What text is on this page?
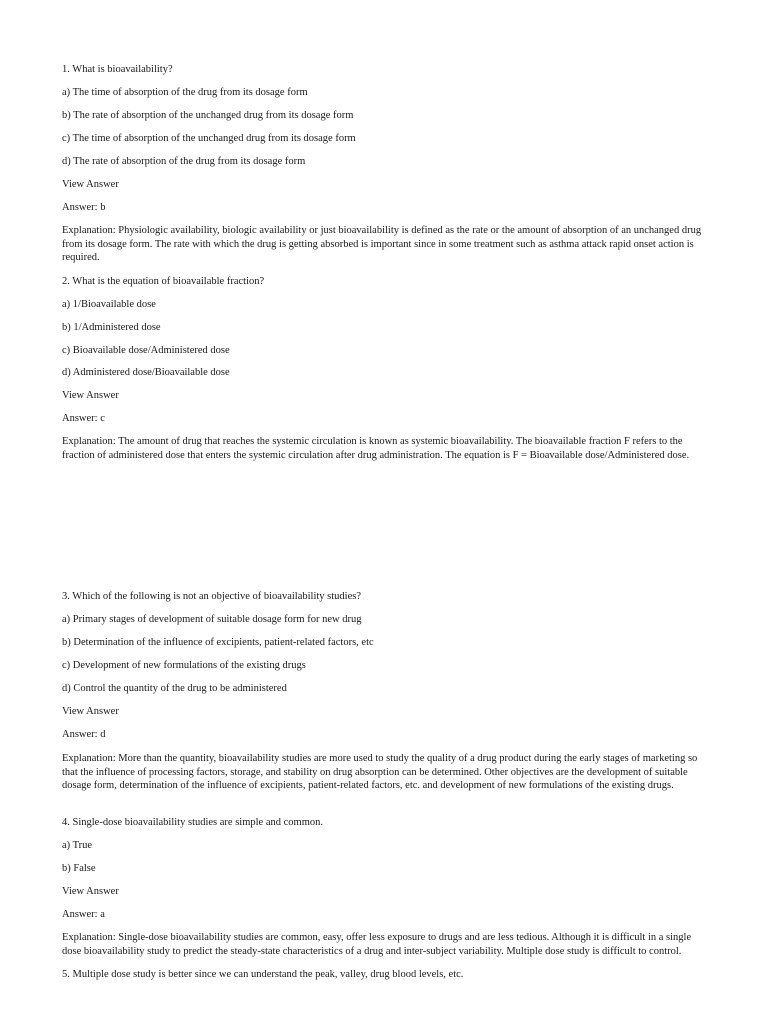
1. What is bioavailability?
a) The time of absorption of the drug from its dosage form
b) The rate of absorption of the unchanged drug from its dosage form
c) The time of absorption of the unchanged drug from its dosage form
d) The rate of absorption of the drug from its dosage form
View Answer
Answer: b
Explanation: Physiologic availability, biologic availability or just bioavailability is defined as the rate or the amount of absorption of an unchanged drug from its dosage form. The rate with which the drug is getting absorbed is important since in some treatment such as asthma attack rapid onset action is required.
2. What is the equation of bioavailable fraction?
a) 1/Bioavailable dose
b) 1/Administered dose
c) Bioavailable dose/Administered dose
d) Administered dose/Bioavailable dose
View Answer
Answer: c
Explanation: The amount of drug that reaches the systemic circulation is known as systemic bioavailability. The bioavailable fraction F refers to the fraction of administered dose that enters the systemic circulation after drug administration. The equation is F = Bioavailable dose/Administered dose.
3. Which of the following is not an objective of bioavailability studies?
a) Primary stages of development of suitable dosage form for new drug
b) Determination of the influence of excipients, patient-related factors, etc
c) Development of new formulations of the existing drugs
d) Control the quantity of the drug to be administered
View Answer
Answer: d
Explanation: More than the quantity, bioavailability studies are more used to study the quality of a drug product during the early stages of marketing so that the influence of processing factors, storage, and stability on drug absorption can be determined. Other objectives are the development of suitable dosage form, determination of the influence of excipients, patient-related factors, etc. and development of new formulations of the existing drugs.
4. Single-dose bioavailability studies are simple and common.
a) True
b) False
View Answer
Answer: a
Explanation: Single-dose bioavailability studies are common, easy, offer less exposure to drugs and are less tedious. Although it is difficult in a single dose bioavailability study to predict the steady-state characteristics of a drug and inter-subject variability. Multiple dose study is difficult to control.
5. Multiple dose study is better since we can understand the peak, valley, drug blood levels, etc.
